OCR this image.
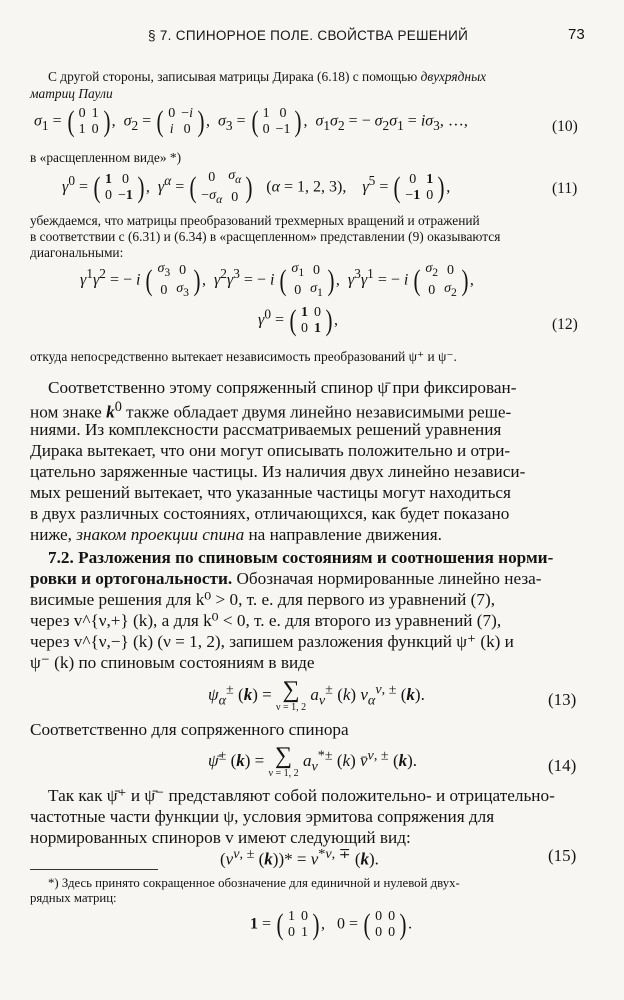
§ 7. СПИНОРНОЕ ПОЛЕ. СВОЙСТВА РЕШЕНИЙ	73
С другой стороны, записывая матрицы Дирака (6.18) с помощью двухрядных
матриц Паули
$\sigma_1$ = ( 0	1
1	0 ),  $\sigma_2$ = ( 0	−i
i	0 ),  $\sigma_3$ = ( 1	0
0	−1 ),  $\sigma_1\sigma_2$ = − $\sigma_2\sigma_1 = i\sigma_3$, …,	(10)
в «расщепленном виде» *)
$\gamma^0$ = ( 1	0
0	−1 ),  $\gamma^\alpha$ = ( 0	$\sigma_\alpha$
$-\sigma_\alpha$	0 )   (α = 1, 2, 3),    $\gamma^5$ = ( 0	1
−1	0 ),	(11)
убеждаемся, что матрицы преобразований трехмерных вращений и отражений
в соответствии с (6.31) и (6.34) в «расщепленном» представлении (9) оказываются
диагональными:
$\gamma^1\gamma^2$ = − i ( $\sigma_3$	0
0	$\sigma_3$ ),  $\gamma^2\gamma^3$ = − i ( $\sigma_1$	0
0	$\sigma_1$ ),  $\gamma^3\gamma^1$ = − i ( $\sigma_2$	0
0	$\sigma_2$ ),
$\gamma^0$ = ( 1	0
0	1 ),	(12)
откуда непосредственно вытекает независимость преобразований ψ⁺ и ψ⁻.
Соответственно этому сопряженный спинор ψ̄ при фиксирован-
ном знаке $k^0$ также обладает двумя линейно независимыми реше-
ниями. Из комплексности рассматриваемых решений уравнения
Дирака вытекает, что они могут описывать положительно и отри-
цательно заряженные частицы. Из наличия двух линейно независи-
мых решений вытекает, что указанные частицы могут находиться
в двух различных состояниях, отличающихся, как будет показано
ниже, знаком проекции спина на направление движения.
7.2. Разложения по спиновым состояниям и соотношения норми-
ровки и ортогональности. Обозначая нормированные линейно неза-
висимые решения для k⁰ > 0, т. е. для первого из уравнений (7),
через v^{ν,+} (k), а для k⁰ < 0, т. е. для второго из уравнений (7),
через v^{ν,−} (k) (ν = 1, 2), запишем разложения функций ψ⁺ (k) и
ψ⁻ (k) по спиновым состояниям в виде
$\psi_\alpha^\pm$ (k) = ∑
ν = 1, 2
$a_\nu^\pm$ (k) $v_\alpha^{\nu, \pm}$ (k).	(13)
Соответственно для сопряженного спинора
ψ̄± (k) = ∑
ν = 1, 2
$a_\nu^{*\pm}$ (k) v̄$^{\nu, \pm}$ (k).	(14)
Так как ψ̄⁺ и ψ̄⁻ представляют собой положительно- и отрицательно-
частотные части функции ψ, условия эрмитова сопряжения для
нормированных спиноров v имеют следующий вид:
($v^{\nu, \pm}$ $(k))* = v^{*\nu, \mp}$ (k).	(15)
*) Здесь принято сокращенное обозначение для единичной и нулевой двух-
рядных матриц:
1 = ( 1	0
0	1 ),   0 = ( 0	0
0	0 ).
